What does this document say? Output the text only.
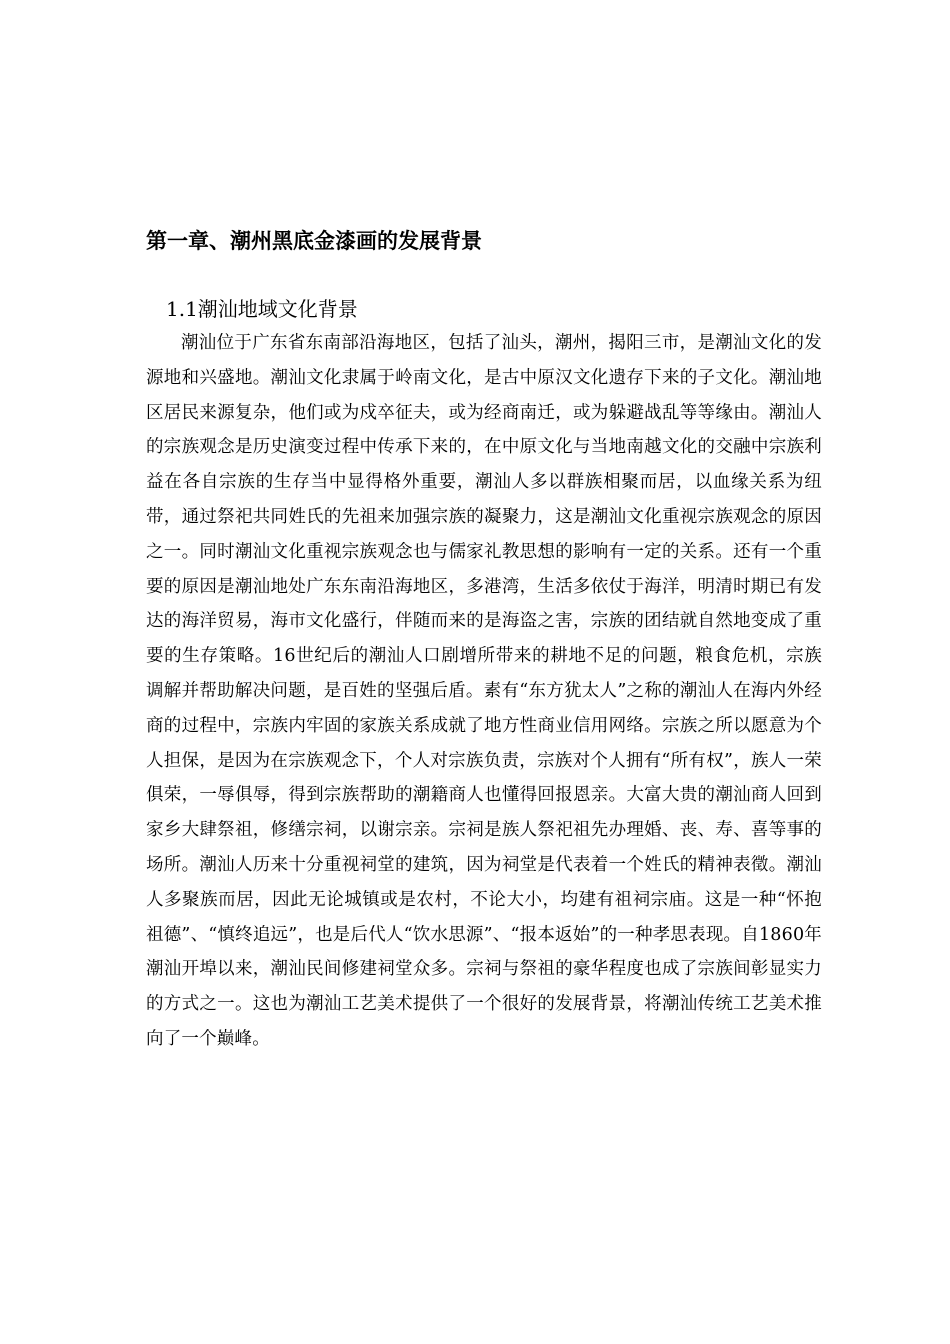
第一章、潮州黑底金漆画的发展背景
1.1潮汕地域文化背景

潮汕位于广东省东南部沿海地区，包括了汕头，潮州，揭阳三市，是潮汕文化的发源地和兴盛地。潮汕文化隶属于岭南文化，是古中原汉文化遗存下来的子文化。潮汕地区居民来源复杂，他们或为戍卒征夫，或为经商南迁，或为躲避战乱等等缘由。潮汕人的宗族观念是历史演变过程中传承下来的，在中原文化与当地南越文化的交融中宗族利益在各自宗族的生存当中显得格外重要，潮汕人多以群族相聚而居，以血缘关系为纽带，通过祭祀共同姓氏的先祖来加强宗族的凝聚力，这是潮汕文化重视宗族观念的原因之一。同时潮汕文化重视宗族观念也与儒家礼教思想的影响有一定的关系。还有一个重要的原因是潮汕地处广东东南沿海地区，多港湾，生活多依仗于海洋，明清时期已有发达的海洋贸易，海市文化盛行，伴随而来的是海盗之害，宗族的团结就自然地变成了重要的生存策略。16世纪后的潮汕人口剧增所带来的耕地不足的问题，粮食危机，宗族调解并帮助解决问题，是百姓的坚强后盾。素有“东方犹太人”之称的潮汕人在海内外经商的过程中，宗族内牢固的家族关系成就了地方性商业信用网络。宗族之所以愿意为个人担保，是因为在宗族观念下，个人对宗族负责，宗族对个人拥有“所有权”，族人一荣俱荣，一辱俱辱，得到宗族帮助的潮籍商人也懂得回报恩亲。大富大贵的潮汕商人回到家乡大肆祭祖，修缮宗祠，以谢宗亲。宗祠是族人祭祀祖先办理婚、丧、寿、喜等事的场所。潮汕人历来十分重视祠堂的建筑，因为祠堂是代表着一个姓氏的精神表徵。潮汕人多聚族而居，因此无论城镇或是农村，不论大小，均建有祖祠宗庙。这是一种“怀抱祖德”、“慎终追远”，也是后代人“饮水思源”、“报本返始”的一种孝思表现。自1860年潮汕开埠以来，潮汕民间修建祠堂众多。宗祠与祭祖的豪华程度也成了宗族间彰显实力的方式之一。这也为潮汕工艺美术提供了一个很好的发展背景，将潮汕传统工艺美术推向了一个巅峰。
